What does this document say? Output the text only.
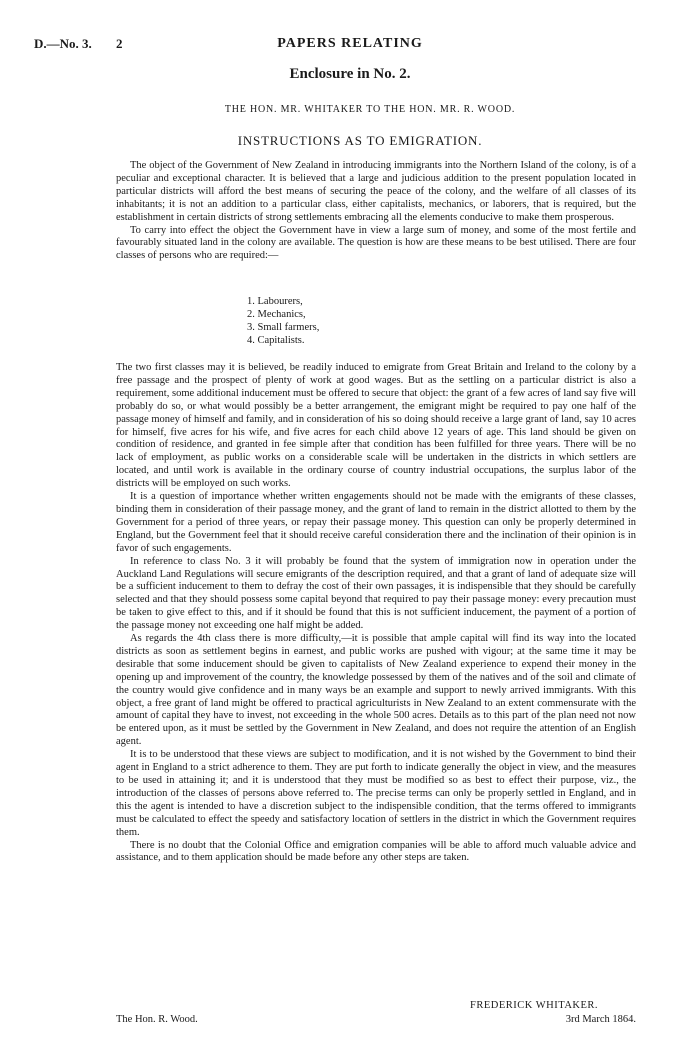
D.—No. 3. 2	PAPERS RELATING
Enclosure in No. 2.
THE HON. MR. WHITAKER TO THE HON. MR. R. WOOD.
INSTRUCTIONS AS TO EMIGRATION.

The object of the Government of New Zealand in introducing immigrants into the Northern Island of the colony, is of a peculiar and exceptional character. It is believed that a large and judicious addition to the present population located in particular districts will afford the best means of securing the peace of the colony, and the welfare of all classes of its inhabitants; it is not an addition to a particular class, either capitalists, mechanics, or laborers, that is required, but the establishment in certain districts of strong settlements embracing all the elements conducive to make them prosperous.

To carry into effect the object the Government have in view a large sum of money, and some of the most fertile and favourably situated land in the colony are available. The question is how are these means to be best utilised. There are four classes of persons who are required:—

1. Labourers,
2. Mechanics,
3. Small farmers,
4. Capitalists.

The two first classes may it is believed, be readily induced to emigrate from Great Britain and Ireland to the colony by a free passage and the prospect of plenty of work at good wages. But as the settling on a particular district is also a requirement, some additional inducement must be offered to secure that object: the grant of a few acres of land say five will probably do so, or what would possibly be a better arrangement, the emigrant might be required to pay one half of the passage money of himself and family, and in consideration of his so doing should receive a large grant of land, say 10 acres for himself, five acres for his wife, and five acres for each child above 12 years of age. This land should be given on condition of residence, and granted in fee simple after that condition has been fulfilled for three years. There will be no lack of employment, as public works on a considerable scale will be undertaken in the districts in which settlers are located, and until work is available in the ordinary course of country industrial occupations, the surplus labor of the districts will be employed on such works.

It is a question of importance whether written engagements should not be made with the emigrants of these classes, binding them in consideration of their passage money, and the grant of land to remain in the district allotted to them by the Government for a period of three years, or repay their passage money. This question can only be properly determined in England, but the Government feel that it should receive careful consideration there and the inclination of their opinion is in favor of such engagements.

In reference to class No. 3 it will probably be found that the system of immigration now in operation under the Auckland Land Regulations will secure emigrants of the description required, and that a grant of land of adequate size will be a sufficient inducement to them to defray the cost of their own passages, it is indispensible that they should be carefully selected and that they should possess some capital beyond that required to pay their passage money: every precaution must be taken to give effect to this, and if it should be found that this is not sufficient inducement, the payment of a portion of the passage money not exceeding one half might be added.

As regards the 4th class there is more difficulty,—it is possible that ample capital will find its way into the located districts as soon as settlement begins in earnest, and public works are pushed with vigour; at the same time it may be desirable that some inducement should be given to capitalists of New Zealand experience to expend their money in the opening up and improvement of the country, the knowledge possessed by them of the natives and of the soil and climate of the country would give confidence and in many ways be an example and support to newly arrived immigrants. With this object, a free grant of land might be offered to practical agriculturists in New Zealand to an extent commensurate with the amount of capital they have to invest, not exceeding in the whole 500 acres. Details as to this part of the plan need not now be entered upon, as it must be settled by the Government in New Zealand, and does not require the attention of an English agent.

It is to be understood that these views are subject to modification, and it is not wished by the Government to bind their agent in England to a strict adherence to them. They are put forth to indicate generally the object in view, and the measures to be used in attaining it; and it is understood that they must be modified so as best to effect their purpose, viz., the introduction of the classes of persons above referred to. The precise terms can only be properly settled in England, and in this the agent is intended to have a discretion subject to the indispensible condition, that the terms offered to immigrants must be calculated to effect the speedy and satisfactory location of settlers in the district in which the Government requires them.

There is no doubt that the Colonial Office and emigration companies will be able to afford much valuable advice and assistance, and to them application should be made before any other steps are taken.

FREDERICK WHITAKER.
The Hon. R. Wood.	3rd March 1864.
